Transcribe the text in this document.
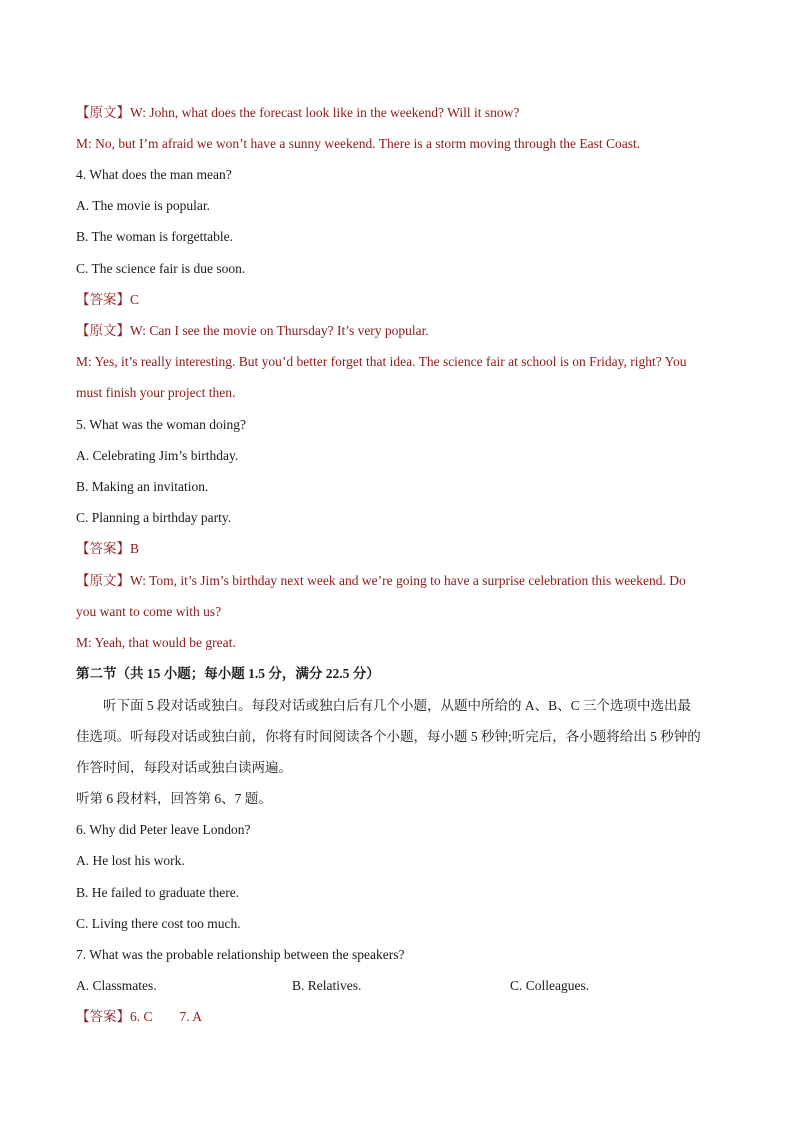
【原文】W: John, what does the forecast look like in the weekend? Will it snow?
M: No, but I’m afraid we won’t have a sunny weekend. There is a storm moving through the East Coast.
4. What does the man mean?
A. The movie is popular.
B. The woman is forgettable.
C. The science fair is due soon.
【答案】C
【原文】W: Can I see the movie on Thursday? It’s very popular.
M: Yes, it’s really interesting. But you’d better forget that idea. The science fair at school is on Friday, right? You
must finish your project then.
5. What was the woman doing?
A. Celebrating Jim’s birthday.
B. Making an invitation.
C. Planning a birthday party.
【答案】B
【原文】W: Tom, it’s Jim’s birthday next week and we’re going to have a surprise celebration this weekend. Do
you want to come with us?
M: Yeah, that would be great.
第二节（共 15 小题；每小题 1.5 分，满分 22.5 分）
听下面 5 段对话或独白。每段对话或独白后有几个小题，从题中所给的 A、B、C 三个选项中选出最
佳选项。听每段对话或独白前，你将有时间阅读各个小题，每小题 5 秒钟;听完后，各小题将给出 5 秒钟的
作答时间，每段对话或独白读两遍。
听第 6 段材料，回答第 6、7 题。
6. Why did Peter leave London?
A. He lost his work.
B. He failed to graduate there.
C. Living there cost too much.
7. What was the probable relationship between the speakers?
A. Classmates.	B. Relatives.	C. Colleagues.
【答案】6. C        7. A
